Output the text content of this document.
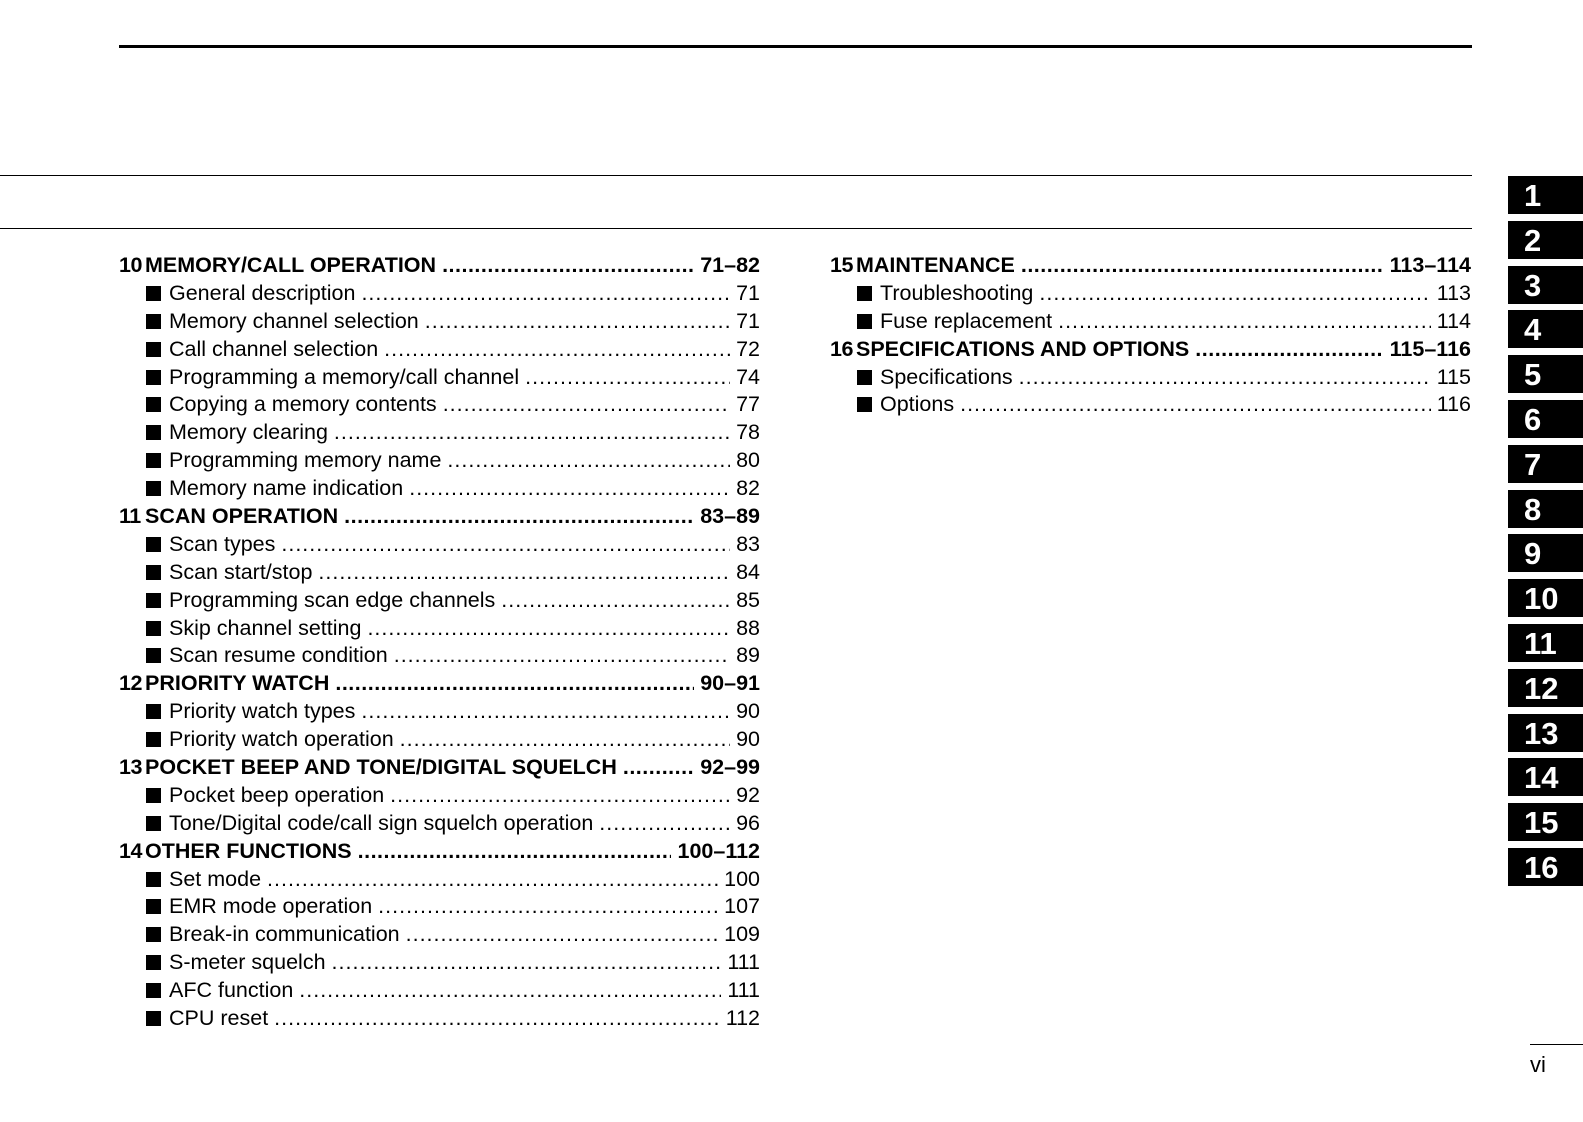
10 MEMORY/CALL OPERATION .....	71–82
General description .....	71
Memory channel selection .....	71
Call channel selection .....	72
Programming a memory/call channel .....	74
Copying a memory contents .....	77
Memory clearing .....	78
Programming memory name .....	80
Memory name indication .....	82
11 SCAN OPERATION .....	83–89
Scan types .....	83
Scan start/stop .....	84
Programming scan edge channels .....	85
Skip channel setting .....	88
Scan resume condition .....	89
12 PRIORITY WATCH .....	90–91
Priority watch types .....	90
Priority watch operation .....	90
13 POCKET BEEP AND TONE/DIGITAL SQUELCH .....	92–99
Pocket beep operation .....	92
Tone/Digital code/call sign squelch operation .....	96
14 OTHER FUNCTIONS .....	100–112
Set mode .....	100
EMR mode operation .....	107
Break-in communication .....	109
S-meter squelch .....	111
AFC function .....	111
CPU reset .....	112
15 MAINTENANCE .....	113–114
Troubleshooting .....	113
Fuse replacement .....	114
16 SPECIFICATIONS AND OPTIONS .....	115–116
Specifications .....	115
Options .....	116
1
2
3
4
5
6
7
8
9
10
11
12
13
14
15
16
vi
